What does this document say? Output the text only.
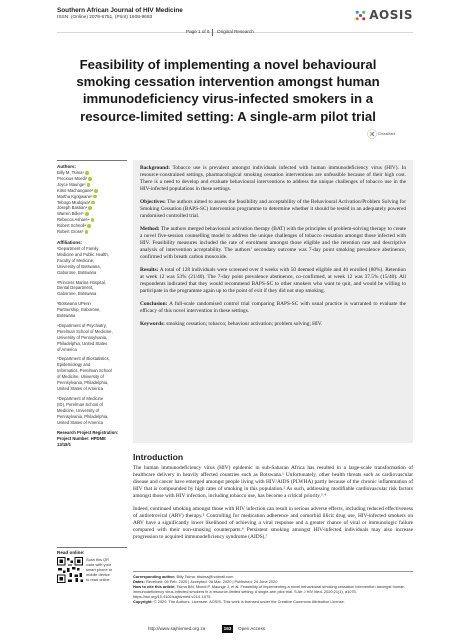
Southern African Journal of HIV Medicine
ISSN: (Online) 2078-6751, (Print) 1608-9693	AOSIS
Page 1 of 6 Original Research
Feasibility of implementing a novel behavioural
smoking cessation intervention amongst human
immunodeficiency virus-infected smokers in a
resource-limited setting: A single-arm pilot trial
CrossMark
Authors:
Billy M. Tsima¹
Precious Moedi¹
Joyce Maunge¹
Kitso Machangane²
Martha Kgogwane³
Tebogo Mudojwa³
Joseph Bastian⁴
Warren Bilker⁵
Rebecca Ashare⁴
Robert Schnoll⁴
Robert Gross⁶
Affiliations:
¹Department of Family
Medicine and Public Health,
Faculty of Medicine,
University of Botswana,
Gaborone, Botswana
²Princess Marina Hospital,
Dental Department,
Gaborone, Botswana
³Botswana UPenn
Partnership, Gaborone,
Botswana
⁴Department of Psychiatry,
Perelman School of Medicine,
University of Pennsylvania,
Philadelphia, United States
of America
⁵Department of Biostatistics,
Epidemiology and
Informatics, Perelman School
of Medicine, University of
Pennsylvania, Philadelphia,
United States of America
⁶Department of Medicine
(ID), Perelman School of
Medicine, University of
Pennsylvania, Philadelphia,
United States of America
Research Project Registration:
Project Number: HPDME
13/18/1
Read online:
Scan this QR
code with your
smart phone or
mobile device
to read online.

Background: Tobacco use is prevalent amongst individuals infected with human immunodeficiency virus (HIV). In resource-constrained settings, pharmacological smoking cessation interventions are unfeasible because of their high cost. There is a need to develop and evaluate behavioural interventions to address the unique challenges of tobacco use in the HIV-infected populations in these settings.

Objectives: The authors aimed to assess the feasibility and acceptability of the Behavioural Activation/Problem Solving for Smoking Cessation (BAPS-SC) intervention programme to determine whether it should be tested in an adequately powered randomised controlled trial.

Method: The authors merged behavioural activation therapy (BAT) with the principles of problem-solving therapy to create a novel five-session counselling model to address the unique challenges of tobacco cessation amongst those infected with HIV. Feasibility measures included the rate of enrolment amongst those eligible and the retention rate and descriptive analysis of intervention acceptability. The authors’ secondary outcome was 7-day point smoking prevalence abstinence, confirmed with breath carbon monoxide.

Results: A total of 128 individuals were screened over 8 weeks with 50 deemed eligible and 40 enrolled (80%). Retention at week 12 was 53% (21/40). The 7-day point prevalence abstinence, co-confirmed, at week 12 was 37.5% (15/40). All respondents indicated that they would recommend BAPS-SC to other smokers who want to quit, and would be willing to participate in the programme again up to the point of exit if they did not stop smoking.

Conclusion: A full-scale randomised control trial comparing BAPS-SC with usual practice is warranted to evaluate the efficacy of this novel intervention in these settings.

Keywords: smoking cessation; tobacco; behaviour activation; problem solving; HIV.

Introduction

The human immunodeficiency virus (HIV) epidemic in sub-Saharan Africa has resulted in a large-scale transformation of healthcare delivery in heavily affected countries such as Botswana.¹ Unfortunately, other health threats such as cardiovascular disease and cancer have emerged amongst people living with HIV/AIDS (PLWHA) partly because of the chronic inflammation of HIV that is compounded by high rates of smoking in this population.² As such, addressing modifiable cardiovascular risk factors amongst those with HIV infection, including tobacco use, has become a critical priority.³˒⁴

Indeed, continued smoking amongst those with HIV infection can result in serious adverse effects, including reduced effectiveness of antiretroviral (ARV) therapy.⁵ Controlling for medication adherence and comorbid illicit drug use, HIV-infected smokers on ARV have a significantly lower likelihood of achieving a viral response and a greater chance of viral or immunologic failure compared with their non-smoking counterparts.⁶ Persistent smoking amongst HIV-infected individuals may also increase progression to acquired immunodeficiency syndrome (AIDS),⁷

Corresponding author: Billy Tsima, btsima@hotmail.com
Dates: Received: 05 Feb. 2020 | Accepted: 08 Mar. 2020 | Published: 24 June 2020
How to cite this article: Tsima BM, Moedi P, Maunge J, et al. Feasibility of implementing a novel behavioural smoking cessation intervention amongst human immunodeficiency virus-infected smokers in a resource-limited setting: A single-arm pilot trial. S Afr J HIV Med. 2020;21(1), a1075. https://doi.org/10.4102/sajhivmed.v21i1.1075
Copyright: © 2020. The Authors. Licensee: AOSIS. This work is licensed under the Creative Commons Attribution License.
http://www.sajhivmed.org.za	163	Open Access
